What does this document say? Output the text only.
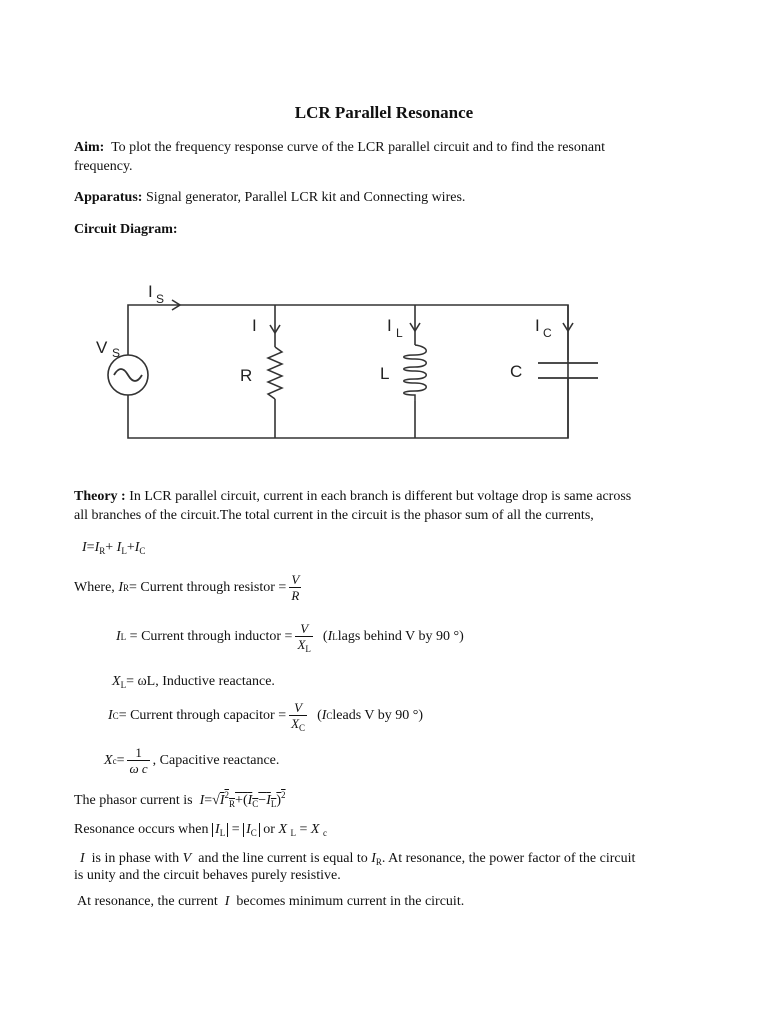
LCR Parallel Resonance
Aim: To plot the frequency response curve of the LCR parallel circuit and to find the resonant
frequency.
Apparatus: Signal generator, Parallel LCR kit and Connecting wires.
Circuit Diagram:
I S
V S
I
R
I L
L
I C
C
Theory : In LCR parallel circuit, current in each branch is different but voltage drop is same across
all branches of the circuit.The total current in the circuit is the phasor sum of all the currents,
$I=I_R+ I_L+I_C$
Where,
I R = Current through resistor = $\frac{V}{R}$
I L
= Current through inductor = $\frac{V}{X_L}$
( I L lags behind V by
90 ° )
$X_L= \omega L$, Inductive reactance.
I C = Current through capacitor = $\frac{V}{X_C}$
( I C leads V by
90 ° )
X $c = \frac{1}{\text{ω c}}$ , Capacitive reactance.
The phasor current is $I=√I^2_R+(I_C-I_L)^2$
Resonance occurs when $I_L = I_C$ or X $_L$ = X $_c$
I is in phase with V and the line current is equal to $I_R$. At resonance, the power factor of the circuit
is unity and the circuit behaves purely resistive.
At resonance, the current I becomes minimum current in the circuit.
